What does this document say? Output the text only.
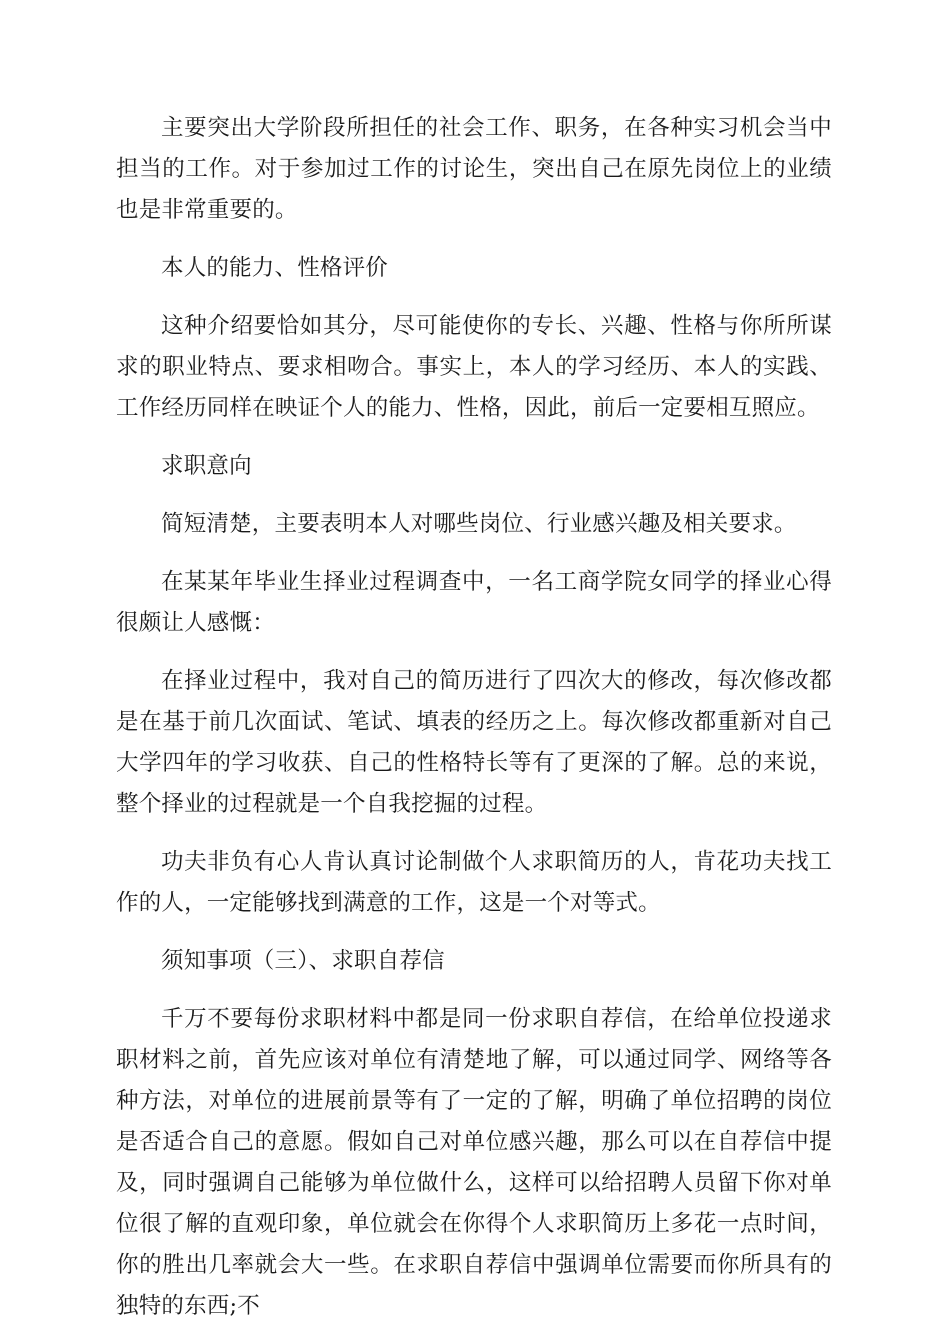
主要突出大学阶段所担任的社会工作、职务，在各种实习机会当中担当的工作。对于参加过工作的讨论生，突出自己在原先岗位上的业绩也是非常重要的。

本人的能力、性格评价

这种介绍要恰如其分，尽可能使你的专长、兴趣、性格与你所所谋求的职业特点、要求相吻合。事实上，本人的学习经历、本人的实践、工作经历同样在映证个人的能力、性格，因此，前后一定要相互照应。

求职意向

简短清楚，主要表明本人对哪些岗位、行业感兴趣及相关要求。

在某某年毕业生择业过程调查中，一名工商学院女同学的择业心得很颇让人感慨：

在择业过程中，我对自己的简历进行了四次大的修改，每次修改都是在基于前几次面试、笔试、填表的经历之上。每次修改都重新对自己大学四年的学习收获、自己的性格特长等有了更深的了解。总的来说，整个择业的过程就是一个自我挖掘的过程。

功夫非负有心人肯认真讨论制做个人求职简历的人，肯花功夫找工作的人，一定能够找到满意的工作，这是一个对等式。

须知事项（三）、求职自荐信

千万不要每份求职材料中都是同一份求职自荐信，在给单位投递求职材料之前，首先应该对单位有清楚地了解，可以通过同学、网络等各种方法，对单位的进展前景等有了一定的了解，明确了单位招聘的岗位是否适合自己的意愿。假如自己对单位感兴趣，那么可以在自荐信中提及，同时强调自己能够为单位做什么，这样可以给招聘人员留下你对单位很了解的直观印象，单位就会在你得个人求职简历上多花一点时间，你的胜出几率就会大一些。在求职自荐信中强调单位需要而你所具有的独特的东西;不
